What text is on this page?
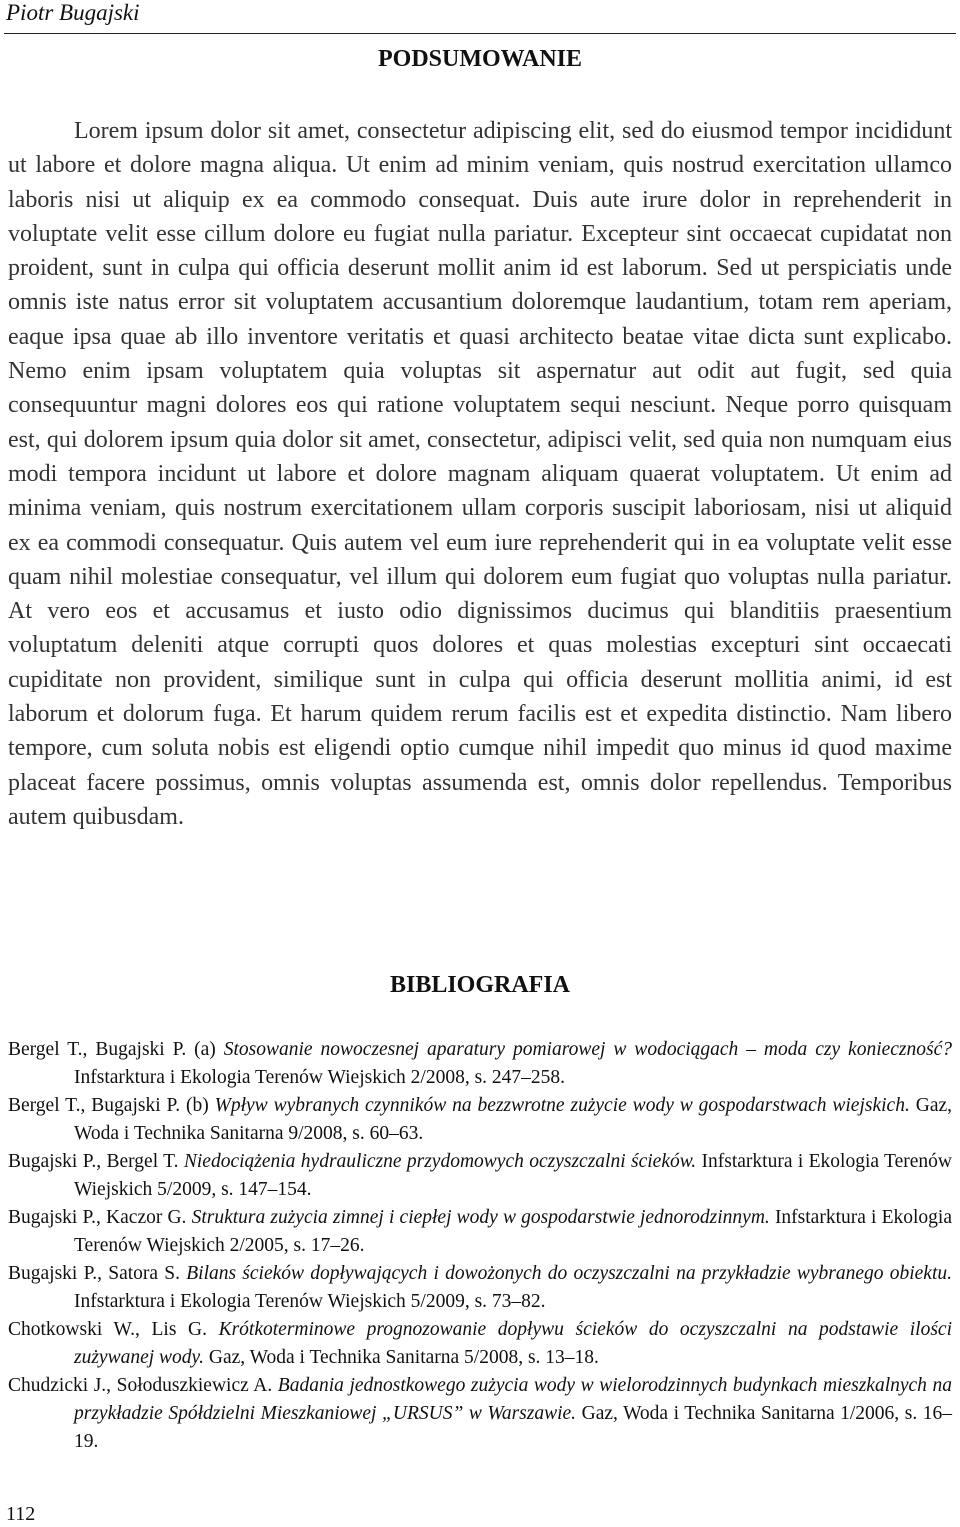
Piotr Bugajski
PODSUMOWANIE

Lorem ipsum dolor sit amet, consectetur adipiscing elit, sed do eiusmod tempor incididunt ut labore et dolore magna aliqua. Ut enim ad minim veniam, quis nostrud exercitation ullamco laboris nisi ut aliquip ex ea commodo consequat. Duis aute irure dolor in reprehenderit in voluptate velit esse cillum dolore eu fugiat nulla pariatur. Excepteur sint occaecat cupidatat non proident, sunt in culpa qui officia deserunt mollit anim id est laborum. Sed ut perspiciatis unde omnis iste natus error sit voluptatem accusantium doloremque laudantium, totam rem aperiam, eaque ipsa quae ab illo inventore veritatis et quasi architecto beatae vitae dicta sunt explicabo. Nemo enim ipsam voluptatem quia voluptas sit aspernatur aut odit aut fugit, sed quia consequuntur magni dolores eos qui ratione voluptatem sequi nesciunt. Neque porro quisquam est, qui dolorem ipsum quia dolor sit amet, consectetur, adipisci velit, sed quia non numquam eius modi tempora incidunt ut labore et dolore magnam aliquam quaerat voluptatem. Ut enim ad minima veniam, quis nostrum exercitationem ullam corporis suscipit laboriosam, nisi ut aliquid ex ea commodi consequatur. Quis autem vel eum iure reprehenderit qui in ea voluptate velit esse quam nihil molestiae consequatur, vel illum qui dolorem eum fugiat quo voluptas nulla pariatur. At vero eos et accusamus et iusto odio dignissimos ducimus qui blanditiis praesentium voluptatum deleniti atque corrupti quos dolores et quas molestias excepturi sint occaecati cupiditate non provident, similique sunt in culpa qui officia deserunt mollitia animi, id est laborum et dolorum fuga. Et harum quidem rerum facilis est et expedita distinctio. Nam libero tempore, cum soluta nobis est eligendi optio cumque nihil impedit quo minus id quod maxime placeat facere possimus, omnis voluptas assumenda est, omnis dolor repellendus. Temporibus autem quibusdam.

BIBLIOGRAFIA

Bergel T., Bugajski P. (a) Stosowanie nowoczesnej aparatury pomiarowej w wodociągach – moda czy konieczność? Infstarktura i Ekologia Terenów Wiejskich 2/2008, s. 247–258.

Bergel T., Bugajski P. (b) Wpływ wybranych czynników na bezzwrotne zużycie wody w gospodarstwach wiejskich. Gaz, Woda i Technika Sanitarna 9/2008, s. 60–63.

Bugajski P., Bergel T. Niedociążenia hydrauliczne przydomowych oczyszczalni ścieków. Infstarktura i Ekologia Terenów Wiejskich 5/2009, s. 147–154.

Bugajski P., Kaczor G. Struktura zużycia zimnej i ciepłej wody w gospodarstwie jednorodzinnym. Infstarktura i Ekologia Terenów Wiejskich 2/2005, s. 17–26.

Bugajski P., Satora S. Bilans ścieków dopływających i dowożonych do oczyszczalni na przykładzie wybranego obiektu. Infstarktura i Ekologia Terenów Wiejskich 5/2009, s. 73–82.

Chotkowski W., Lis G. Krótkoterminowe prognozowanie dopływu ścieków do oczyszczalni na podstawie ilości zużywanej wody. Gaz, Woda i Technika Sanitarna 5/2008, s. 13–18.

Chudzicki J., Sołoduszkiewicz A. Badania jednostkowego zużycia wody w wielorodzinnych budynkach mieszkalnych na przykładzie Spółdzielni Mieszkaniowej „URSUS” w Warszawie. Gaz, Woda i Technika Sanitarna 1/2006, s. 16–19.

112
